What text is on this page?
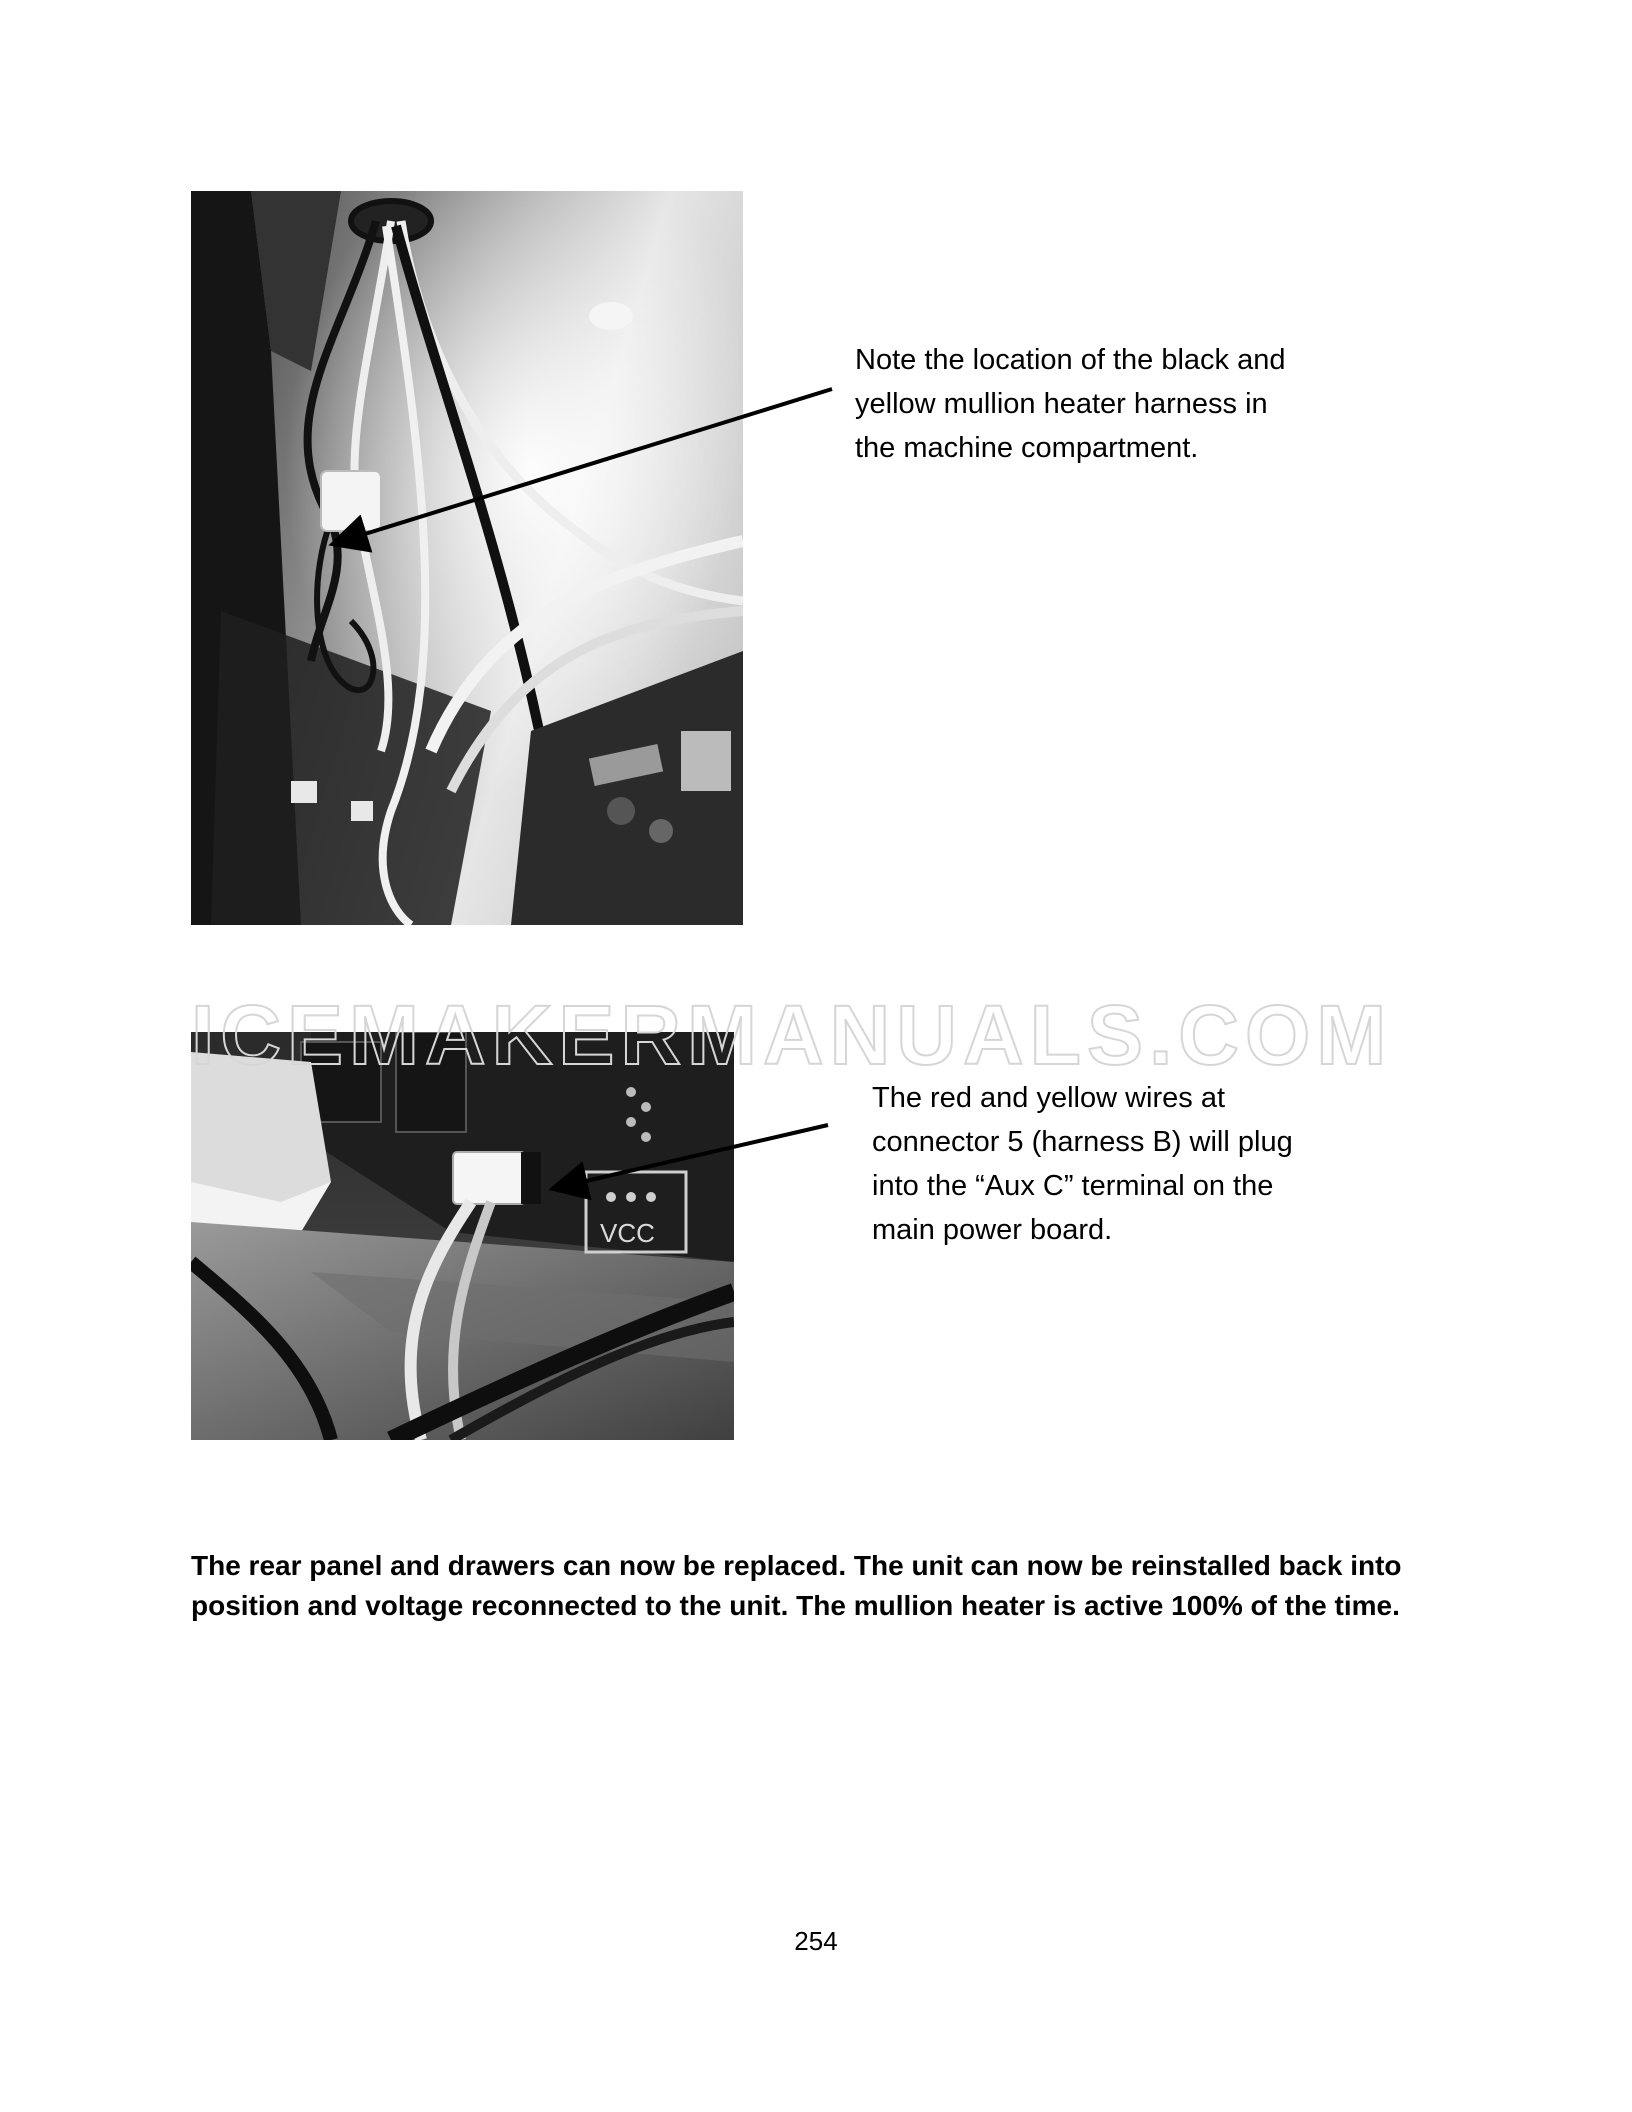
VCC
Note the location of the black and
yellow mullion heater harness in
the machine compartment.
The red and yellow wires at
connector 5 (harness B) will plug
into the “Aux C” terminal on the
main power board.
ICEMAKERMANUALS.COM
The rear panel and drawers can now be replaced. The unit can now be reinstalled back into
position and voltage reconnected to the unit. The mullion heater is active 100% of the time.
254
